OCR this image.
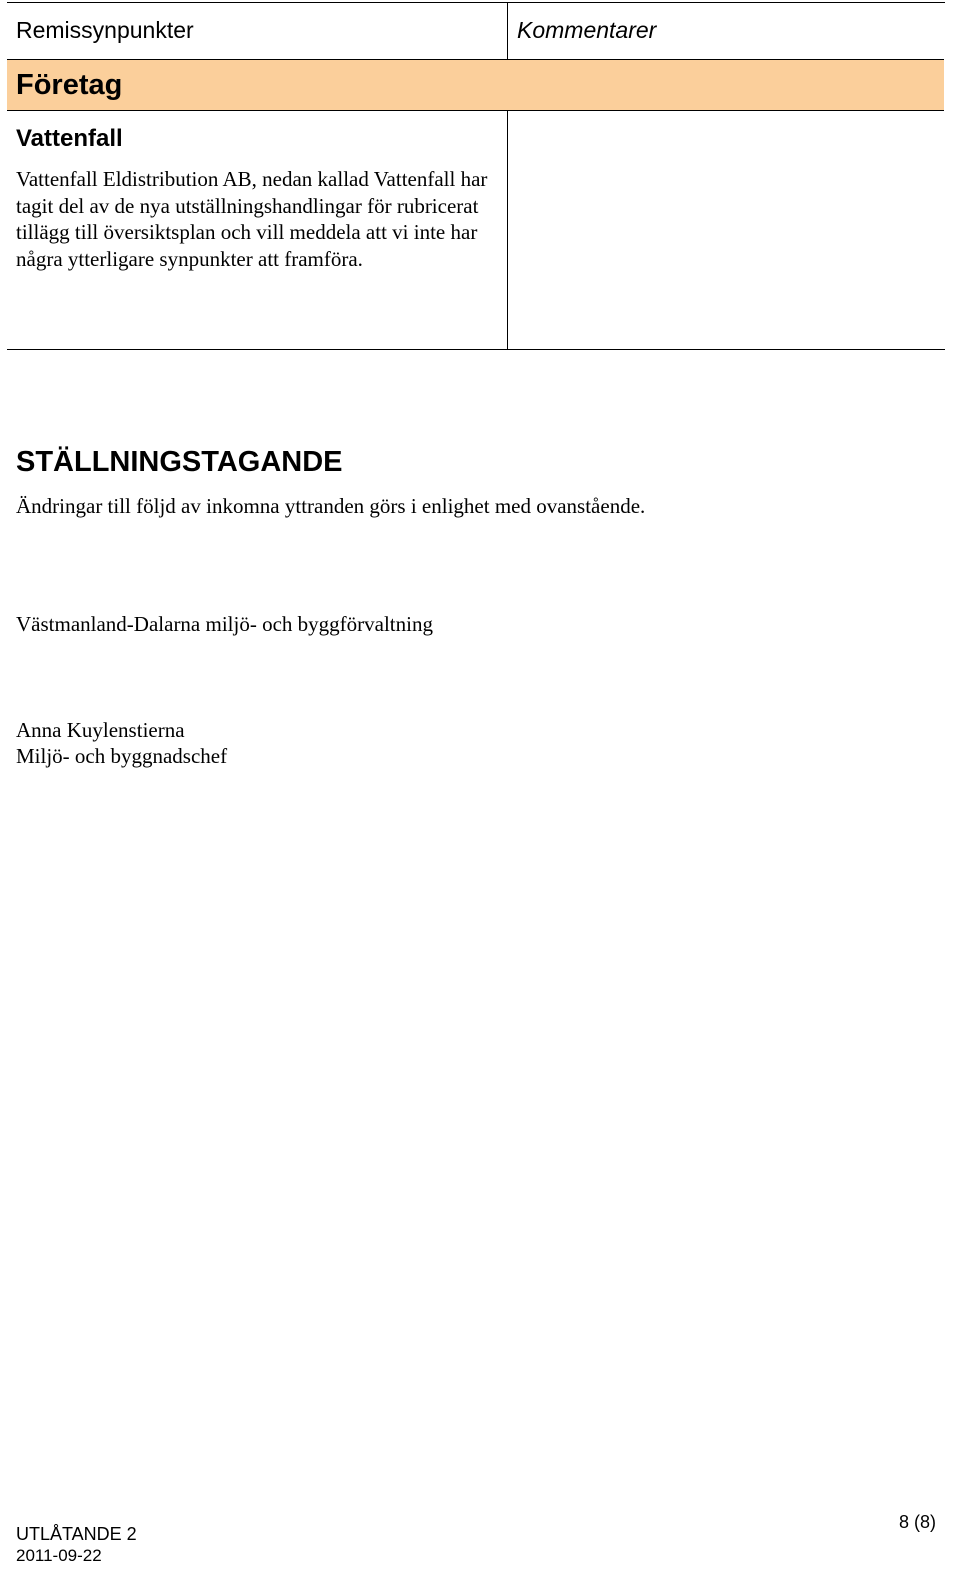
Remissynpunkter	Kommentarer
Företag
Vattenfall
Vattenfall Eldistribution AB, nedan kallad Vattenfall har tagit del av de nya utställningshandlingar för rubricerat tillägg till översiktsplan och vill meddela att vi inte har några ytterligare synpunkter att framföra.
STÄLLNINGSTAGANDE
Ändringar till följd av inkomna yttranden görs i enlighet med ovanstående.
Västmanland-Dalarna miljö- och byggförvaltning
Anna Kuylenstierna
Miljö- och byggnadschef
UTLÅTANDE 2
2011-09-22
8 (8)
